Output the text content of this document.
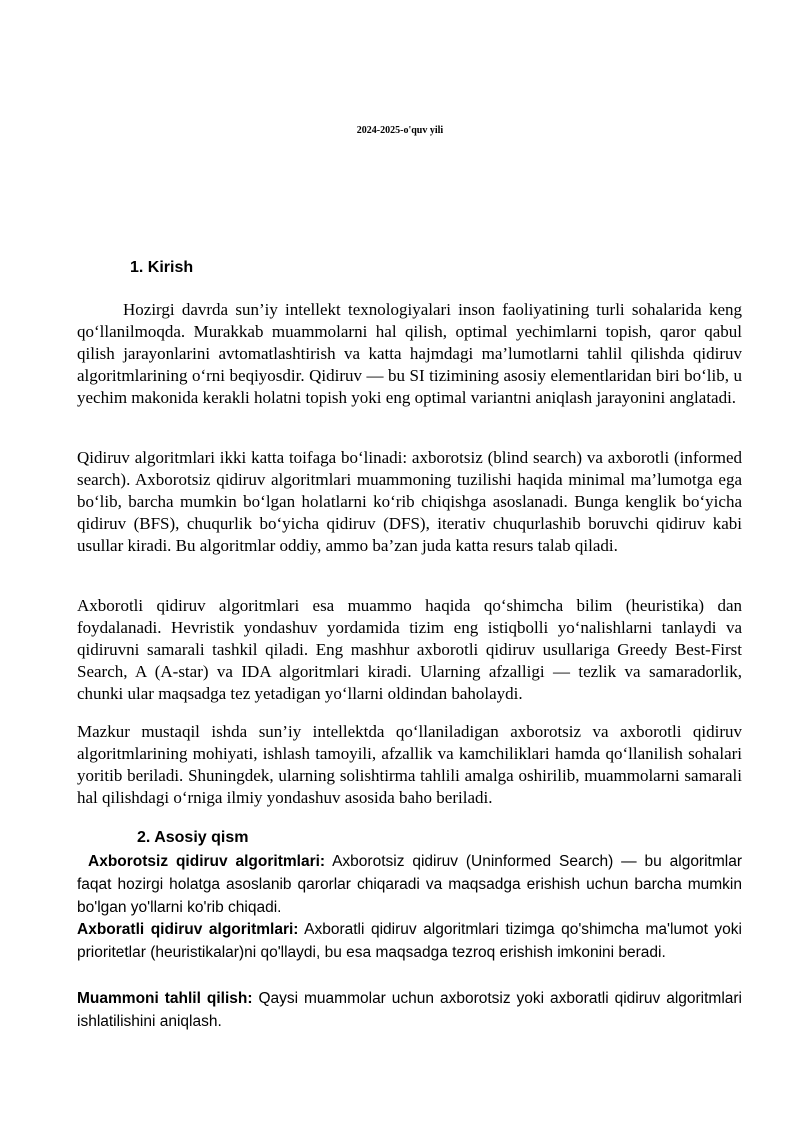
2024-2025-o'quv yili
1. Kirish

Hozirgi davrda sun’iy intellekt texnologiyalari inson faoliyatining turli sohalarida keng qo‘llanilmoqda. Murakkab muammolarni hal qilish, optimal yechimlarni topish, qaror qabul qilish jarayonlarini avtomatlashtirish va katta hajmdagi ma’lumotlarni tahlil qilishda qidiruv algoritmlarining o‘rni beqiyosdir. Qidiruv — bu SI tizimining asosiy elementlaridan biri bo‘lib, u yechim makonida kerakli holatni topish yoki eng optimal variantni aniqlash jarayonini anglatadi.

Qidiruv algoritmlari ikki katta toifaga bo‘linadi: axborotsiz (blind search) va axborotli (informed search). Axborotsiz qidiruv algoritmlari muammoning tuzilishi haqida minimal ma’lumotga ega bo‘lib, barcha mumkin bo‘lgan holatlarni ko‘rib chiqishga asoslanadi. Bunga kenglik bo‘yicha qidiruv (BFS), chuqurlik bo‘yicha qidiruv (DFS), iterativ chuqurlashib boruvchi qidiruv kabi usullar kiradi. Bu algoritmlar oddiy, ammo ba’zan juda katta resurs talab qiladi.

Axborotli qidiruv algoritmlari esa muammo haqida qo‘shimcha bilim (heuristika) dan foydalanadi. Hevristik yondashuv yordamida tizim eng istiqbolli yo‘nalishlarni tanlaydi va qidiruvni samarali tashkil qiladi. Eng mashhur axborotli qidiruv usullariga Greedy Best-First Search, A (A-star) va IDA algoritmlari kiradi. Ularning afzalligi — tezlik va samaradorlik, chunki ular maqsadga tez yetadigan yo‘llarni oldindan baholaydi.

Mazkur mustaqil ishda sun’iy intellektda qo‘llaniladigan axborotsiz va axborotli qidiruv algoritmlarining mohiyati, ishlash tamoyili, afzallik va kamchiliklari hamda qo‘llanilish sohalari yoritib beriladi. Shuningdek, ularning solishtirma tahlili amalga oshirilib, muammolarni samarali hal qilishdagi o‘rniga ilmiy yondashuv asosida baho beriladi.

2. Asosiy qism

Axborotsiz qidiruv algoritmlari: Axborotsiz qidiruv (Uninformed Search) — bu algoritmlar faqat hozirgi holatga asoslanib qarorlar chiqaradi va maqsadga erishish uchun barcha mumkin bo'lgan yo'llarni ko'rib chiqadi.

Axboratli qidiruv algoritmlari: Axboratli qidiruv algoritmlari tizimga qo'shimcha ma'lumot yoki prioritetlar (heuristikalar)ni qo'llaydi, bu esa maqsadga tezroq erishish imkonini beradi.

Muammoni tahlil qilish: Qaysi muammolar uchun axborotsiz yoki axboratli qidiruv algoritmlari ishlatilishini aniqlash.
